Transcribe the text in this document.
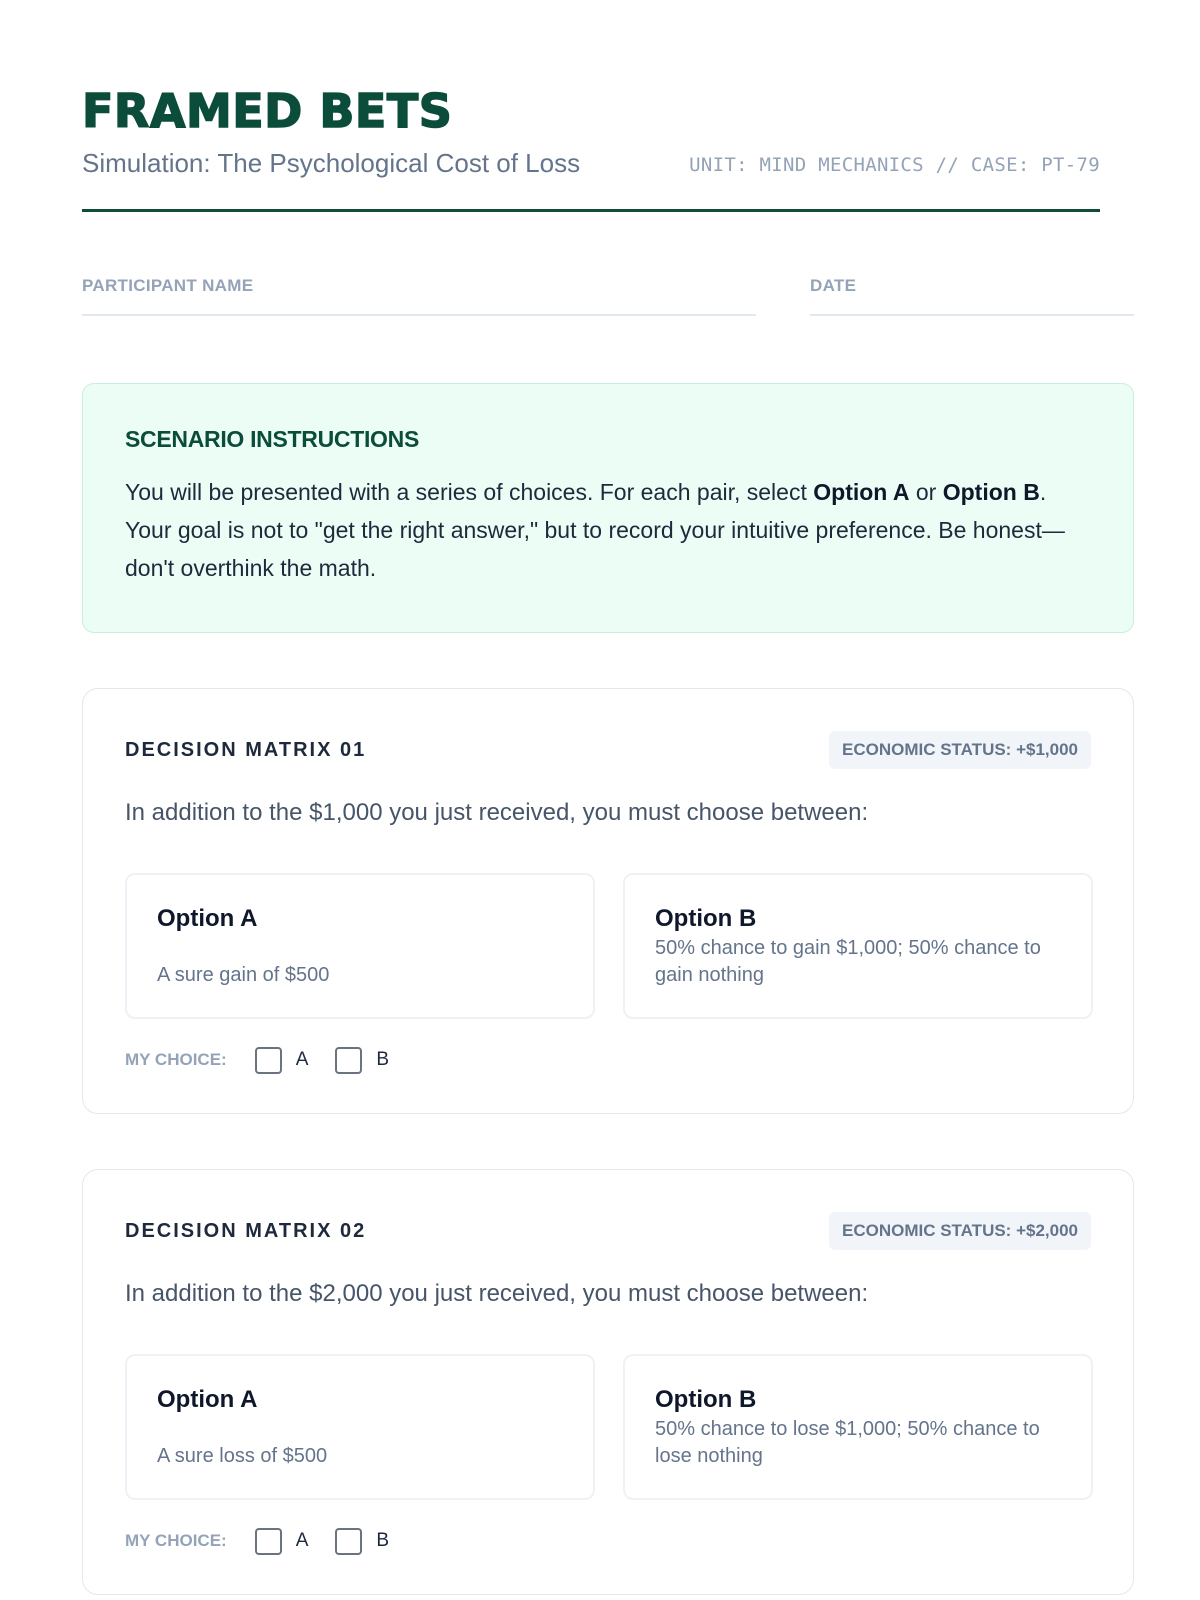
FRAMED BETS
Simulation: The Psychological Cost of Loss	UNIT: MIND MECHANICS // CASE: PT-79
PARTICIPANT NAME	DATE
SCENARIO INSTRUCTIONS
You will be presented with a series of choices. For each pair, select Option A or Option B. Your goal is not to "get the right answer," but to record your intuitive preference. Be honest—don't overthink the math.
DECISION MATRIX 01	ECONOMIC STATUS: +$1,000
In addition to the $1,000 you just received, you must choose between:
Option A
A sure gain of $500
Option B
50% chance to gain $1,000; 50% chance to gain nothing
MY CHOICE:	A	B
DECISION MATRIX 02	ECONOMIC STATUS: +$2,000
In addition to the $2,000 you just received, you must choose between:
Option A
A sure loss of $500
Option B
50% chance to lose $1,000; 50% chance to lose nothing
MY CHOICE:	A	B
